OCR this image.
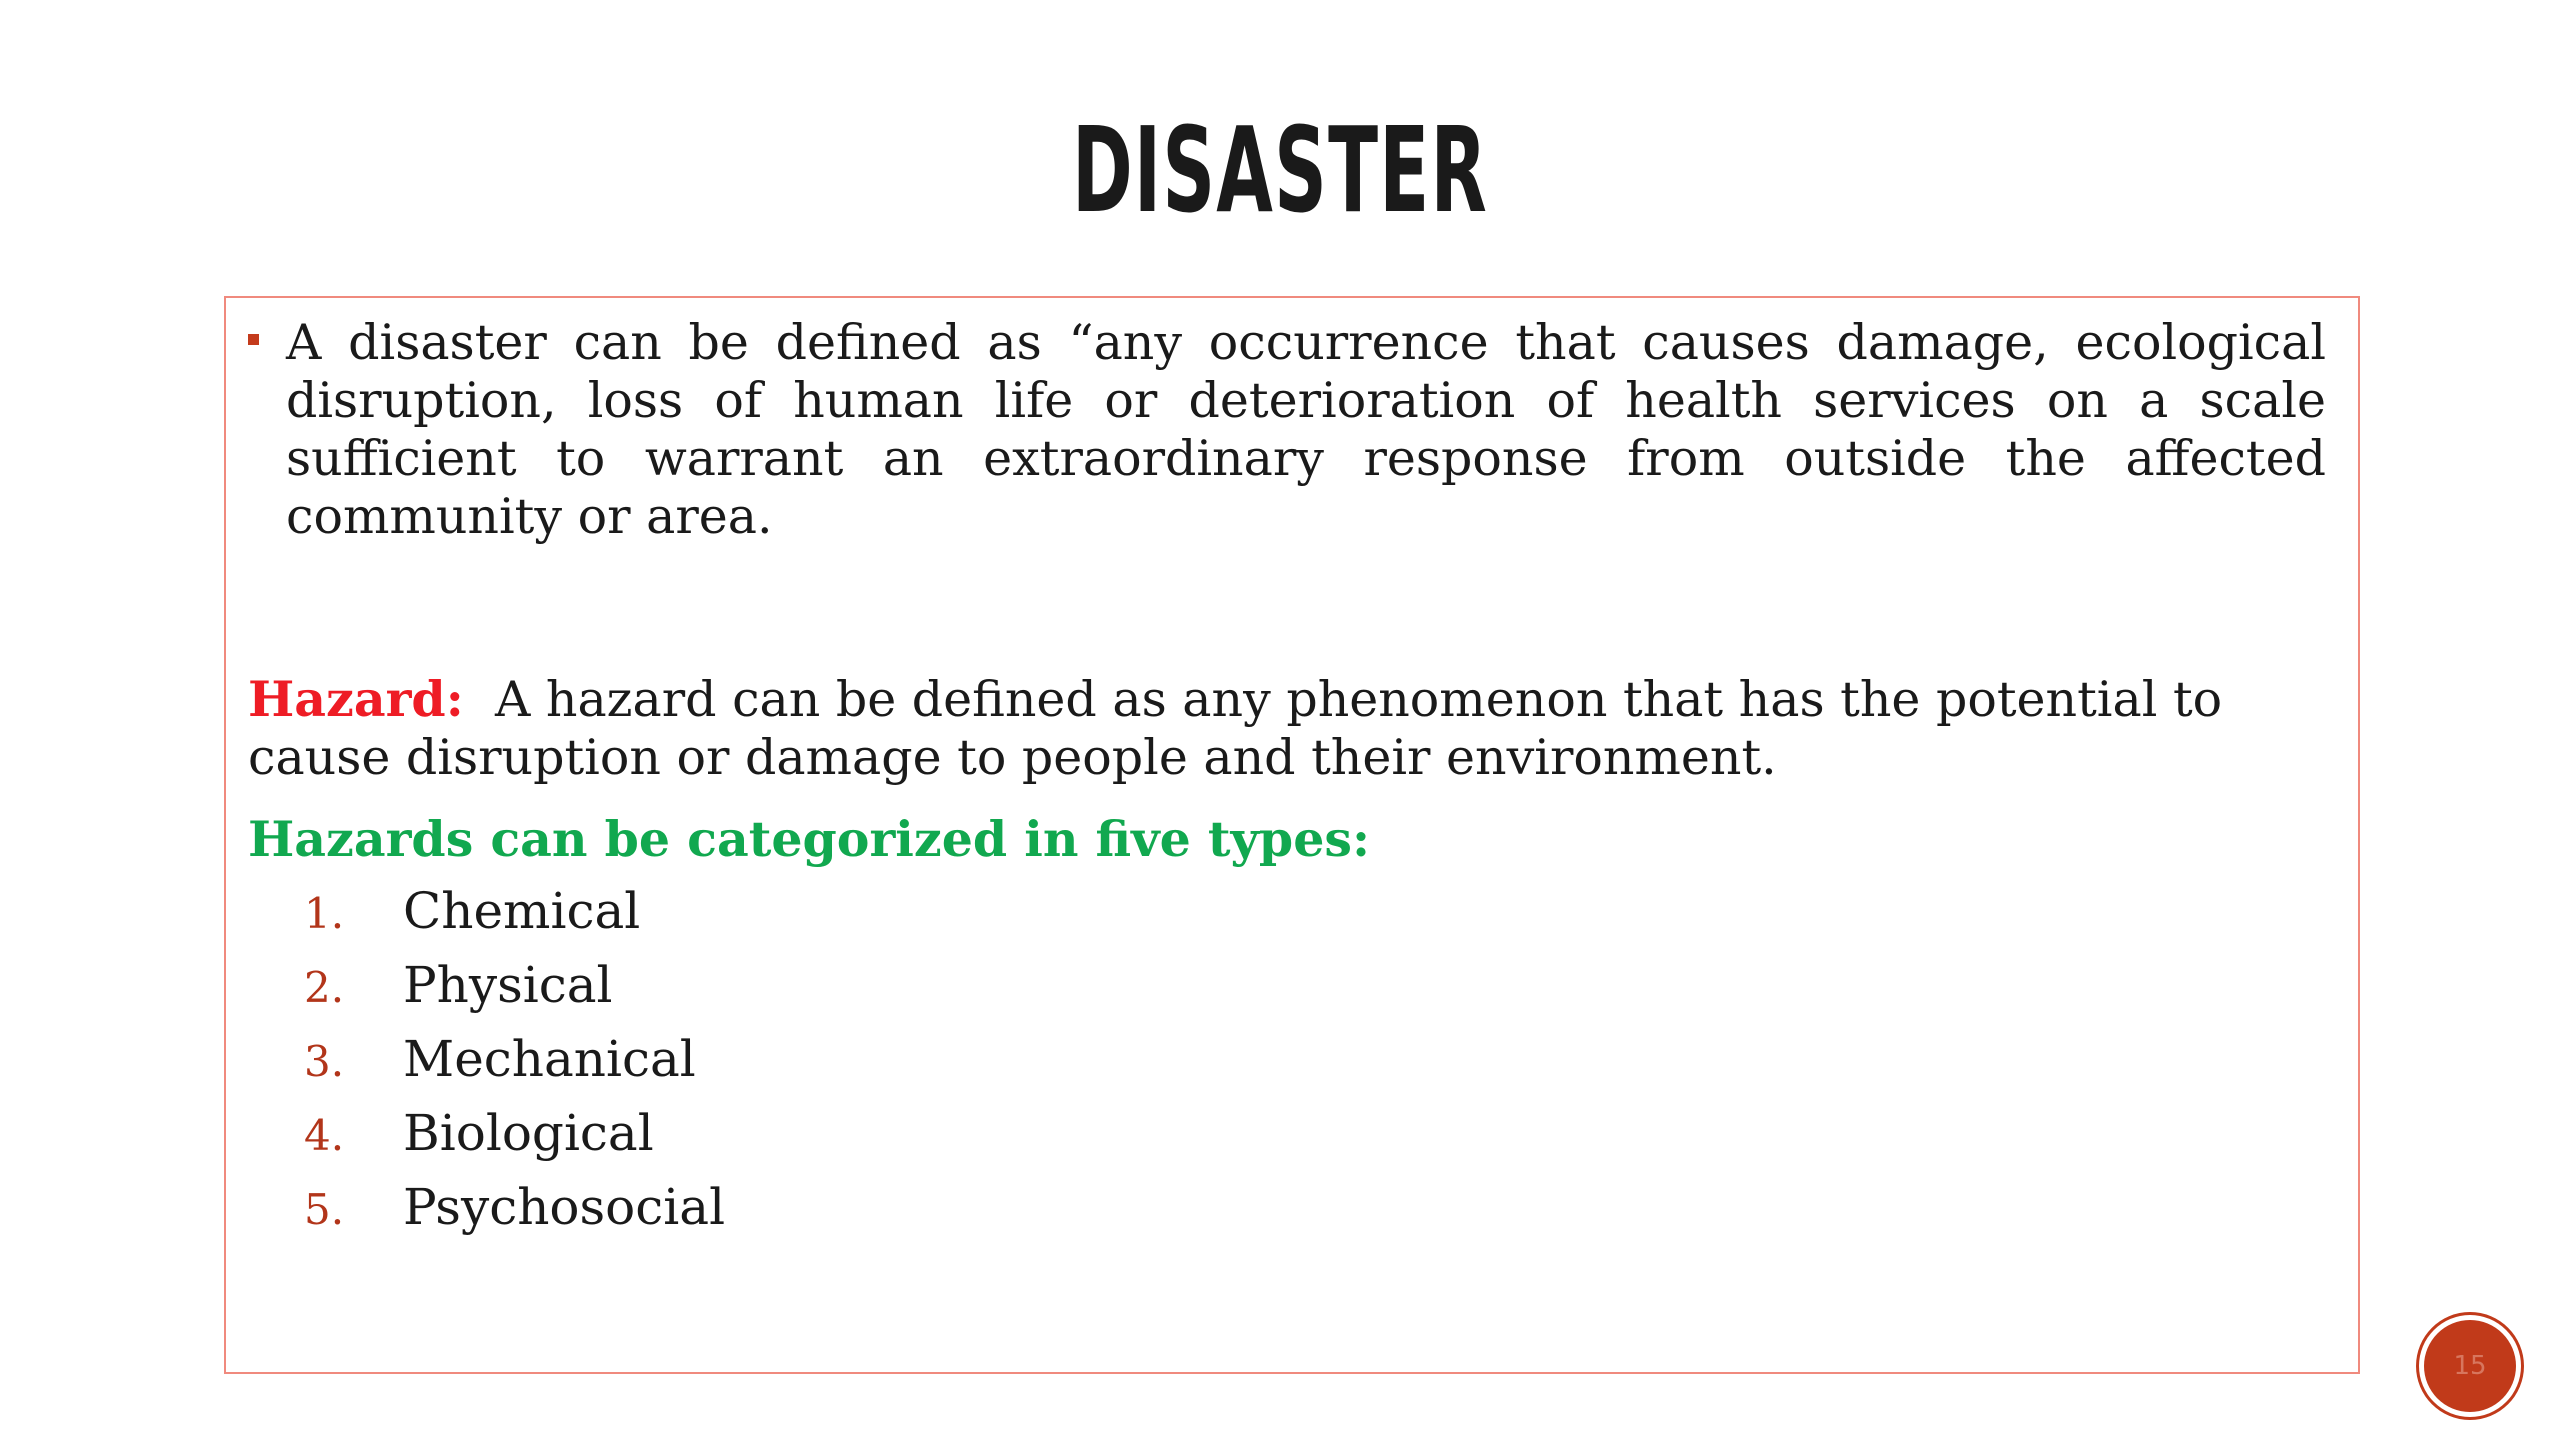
DISASTER
A disaster can be defined as “any occurrence that causes damage, ecological disruption, loss of human life or deterioration of health services on a scale sufficient to warrant an extraordinary response from outside the affected community or area.
Hazard: A hazard can be defined as any phenomenon that has the potential to cause disruption or damage to people and their environment.
Hazards can be categorized in five types:
1. Chemical
2. Physical
3. Mechanical
4. Biological
5. Psychosocial
15
